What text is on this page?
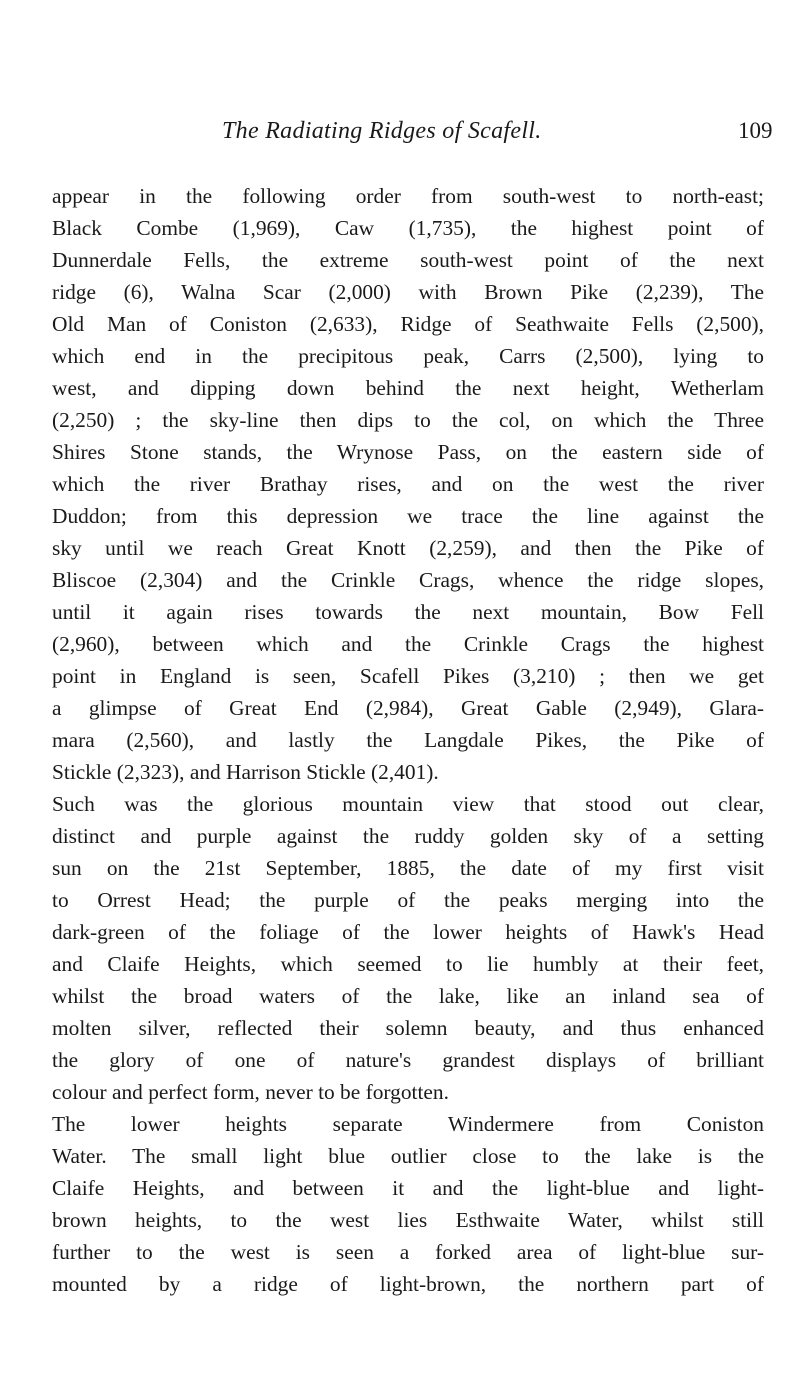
The Radiating Ridges of Scafell.	109
appear in the following order from south-west to north-east;
Black Combe (1,969), Caw (1,735), the highest point of
Dunnerdale Fells, the extreme south-west point of the next
ridge (6), Walna Scar (2,000) with Brown Pike (2,239), The
Old Man of Coniston (2,633), Ridge of Seathwaite Fells (2,500),
which end in the precipitous peak, Carrs (2,500), lying to
west, and dipping down behind the next height, Wetherlam
(2,250) ; the sky-line then dips to the col, on which the Three
Shires Stone stands, the Wrynose Pass, on the eastern side of
which the river Brathay rises, and on the west the river
Duddon; from this depression we trace the line against the
sky until we reach Great Knott (2,259), and then the Pike of
Bliscoe (2,304) and the Crinkle Crags, whence the ridge slopes,
until it again rises towards the next mountain, Bow Fell
(2,960), between which and the Crinkle Crags the highest
point in England is seen, Scafell Pikes (3,210) ; then we get
a glimpse of Great End (2,984), Great Gable (2,949), Glara-
mara (2,560), and lastly the Langdale Pikes, the Pike of
Stickle (2,323), and Harrison Stickle (2,401).
Such was the glorious mountain view that stood out clear,
distinct and purple against the ruddy golden sky of a setting
sun on the 21st September, 1885, the date of my first visit
to Orrest Head; the purple of the peaks merging into the
dark-green of the foliage of the lower heights of Hawk's Head
and Claife Heights, which seemed to lie humbly at their feet,
whilst the broad waters of the lake, like an inland sea of
molten silver, reflected their solemn beauty, and thus enhanced
the glory of one of nature's grandest displays of brilliant
colour and perfect form, never to be forgotten.
The lower heights separate Windermere from Coniston
Water. The small light blue outlier close to the lake is the
Claife Heights, and between it and the light-blue and light-
brown heights, to the west lies Esthwaite Water, whilst still
further to the west is seen a forked area of light-blue sur-
mounted by a ridge of light-brown, the northern part of
